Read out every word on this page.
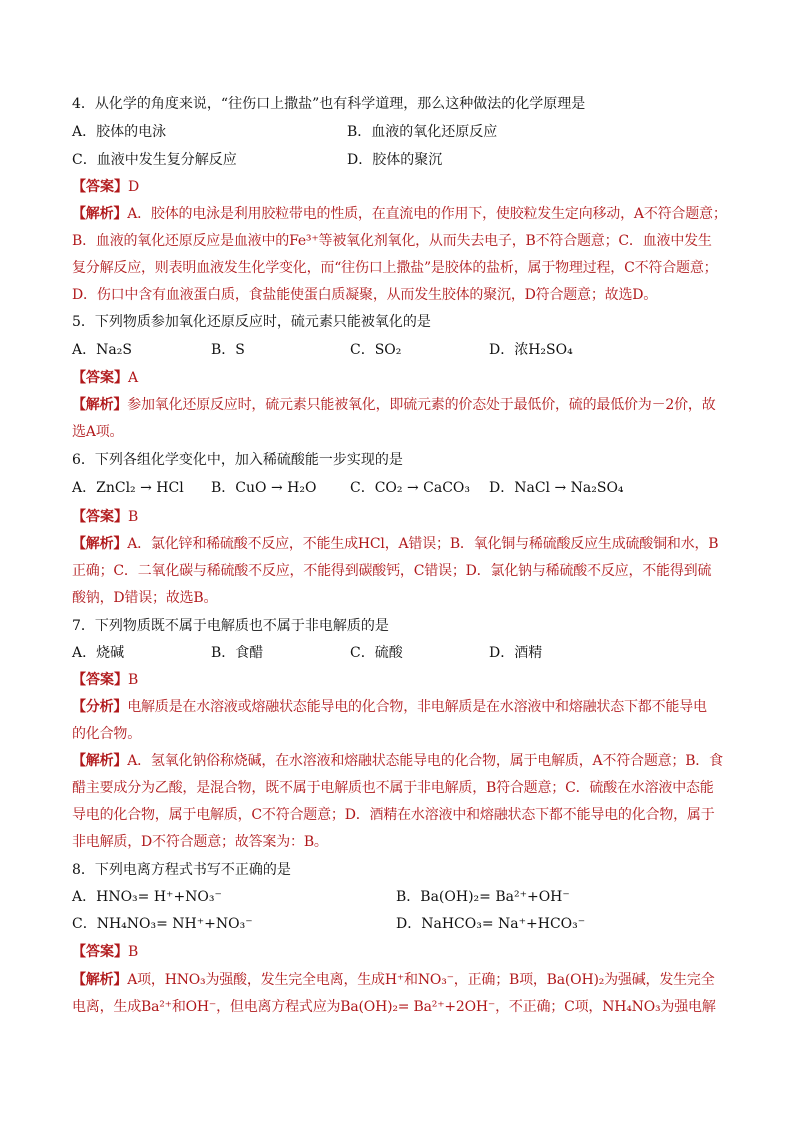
4．从化学的角度来说，“往伤口上撒盐”也有科学道理，那么这种做法的化学原理是
A．胶体的电泳	B．血液的氧化还原反应
C．血液中发生复分解反应	D．胶体的聚沉
【答案】D
【解析】A．胶体的电泳是利用胶粒带电的性质，在直流电的作用下，使胶粒发生定向移动，A不符合题意；
B．血液的氧化还原反应是血液中的Fe³⁺等被氧化剂氧化，从而失去电子，B不符合题意；C．血液中发生
复分解反应，则表明血液发生化学变化，而“往伤口上撒盐”是胶体的盐析，属于物理过程，C不符合题意；
D．伤口中含有血液蛋白质，食盐能使蛋白质凝聚，从而发生胶体的聚沉，D符合题意；故选D。
5．下列物质参加氧化还原反应时，硫元素只能被氧化的是
A．Na₂S	B．S	C．SO₂	D．浓H₂SO₄
【答案】A
【解析】参加氧化还原反应时，硫元素只能被氧化，即硫元素的价态处于最低价，硫的最低价为－2价，故
选A项。
6．下列各组化学变化中，加入稀硫酸能一步实现的是
A．ZnCl₂ → HCl B．CuO → H₂O C．CO₂ → CaCO₃ D．NaCl → Na₂SO₄
【答案】B
【解析】A．氯化锌和稀硫酸不反应，不能生成HCl，A错误；B．氧化铜与稀硫酸反应生成硫酸铜和水，B
正确；C．二氧化碳与稀硫酸不反应，不能得到碳酸钙，C错误；D．氯化钠与稀硫酸不反应，不能得到硫
酸钠，D错误；故选B。
7．下列物质既不属于电解质也不属于非电解质的是
A．烧碱	B．食醋	C．硫酸	D．酒精
【答案】B
【分析】电解质是在水溶液或熔融状态能导电的化合物，非电解质是在水溶液中和熔融状态下都不能导电
的化合物。
【解析】A．氢氧化钠俗称烧碱，在水溶液和熔融状态能导电的化合物，属于电解质，A不符合题意；B．食
醋主要成分为乙酸，是混合物，既不属于电解质也不属于非电解质，B符合题意；C．硫酸在水溶液中态能
导电的化合物，属于电解质，C不符合题意；D．酒精在水溶液中和熔融状态下都不能导电的化合物，属于
非电解质，D不符合题意；故答案为：B。
8．下列电离方程式书写不正确的是
A．HNO₃= H⁺+NO₃⁻	B．Ba(OH)₂= Ba²⁺+OH⁻
C．NH₄NO₃= NH⁺+NO₃⁻	D．NaHCO₃= Na⁺+HCO₃⁻
【答案】B
【解析】A项，HNO₃为强酸，发生完全电离，生成H⁺和NO₃⁻，正确；B项，Ba(OH)₂为强碱，发生完全
电离，生成Ba²⁺和OH⁻，但电离方程式应为Ba(OH)₂= Ba²⁺+2OH⁻，不正确；C项，NH₄NO₃为强电解
